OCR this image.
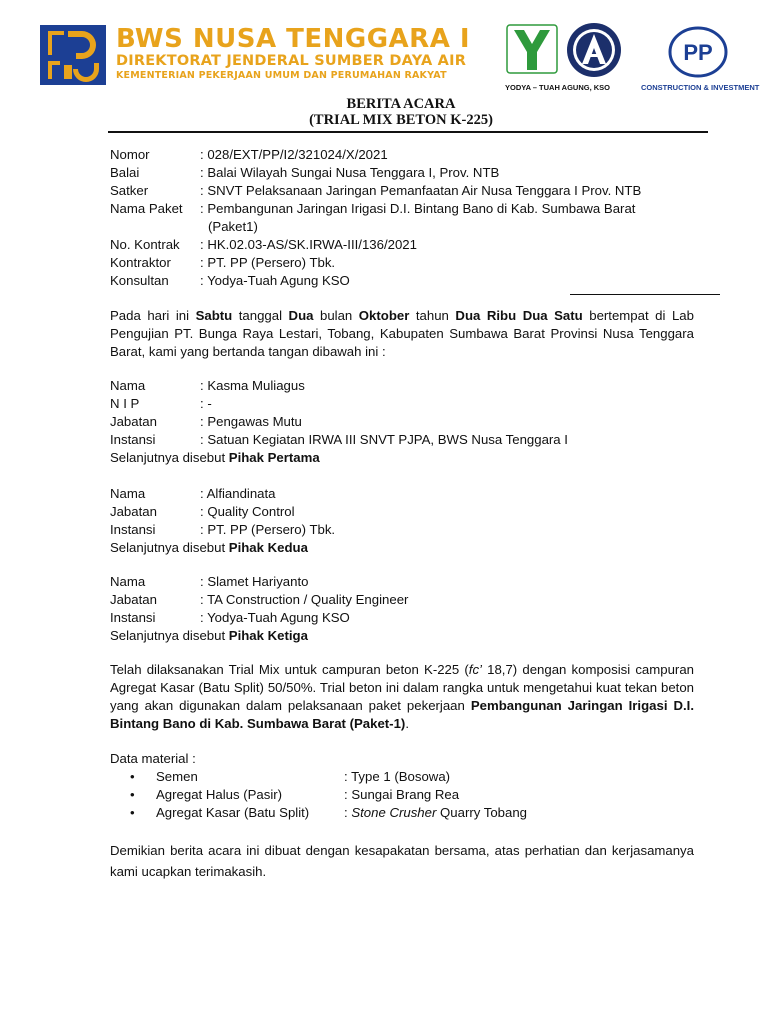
BWS NUSA TENGGARA I
DIREKTORAT JENDERAL SUMBER DAYA AIR
KEMENTERIAN PEKERJAAN UMUM DAN PERUMAHAN RAKYAT
YODYA – TUAH AGUNG, KSO
PP
CONSTRUCTION & INVESTMENT
BERITA ACARA
(TRIAL MIX BETON K-225)
Nomor	: 028/EXT/PP/I2/321024/X/2021
Balai	: Balai Wilayah Sungai Nusa Tenggara I, Prov. NTB
Satker	: SNVT Pelaksanaan Jaringan Pemanfaatan Air Nusa Tenggara I Prov. NTB
Nama Paket : Pembangunan Jaringan Irigasi D.I. Bintang Bano di Kab. Sumbawa Barat
(Paket1)
No. Kontrak : HK.02.03-AS/SK.IRWA-III/136/2021
Kontraktor : PT. PP (Persero) Tbk.
Konsultan : Yodya-Tuah Agung KSO
Pada hari ini Sabtu tanggal Dua bulan Oktober tahun Dua Ribu Dua Satu bertempat di Lab Pengujian PT. Bunga Raya Lestari, Tobang, Kabupaten Sumbawa Barat Provinsi Nusa Tenggara Barat, kami yang bertanda tangan dibawah ini :
Nama	: Kasma Muliagus
N I P	: -
Jabatan	: Pengawas Mutu
Instansi	: Satuan Kegiatan IRWA III SNVT PJPA, BWS Nusa Tenggara I
Selanjutnya disebut Pihak Pertama
Nama	: Alfiandinata
Jabatan	: Quality Control
Instansi	: PT. PP (Persero) Tbk.
Selanjutnya disebut Pihak Kedua
Nama	: Slamet Hariyanto
Jabatan	: TA Construction / Quality Engineer
Instansi	: Yodya-Tuah Agung KSO
Selanjutnya disebut Pihak Ketiga
Telah dilaksanakan Trial Mix untuk campuran beton K-225 (fc’ 18,7) dengan komposisi campuran Agregat Kasar (Batu Split) 50/50%. Trial beton ini dalam rangka untuk mengetahui kuat tekan beton yang akan digunakan dalam pelaksanaan paket pekerjaan Pembangunan Jaringan Irigasi D.I. Bintang Bano di Kab. Sumbawa Barat (Paket-1).
Data material :
• Semen	: Type 1 (Bosowa)
• Agregat Halus (Pasir)	: Sungai Brang Rea
• Agregat Kasar (Batu Split)	: Stone Crusher Quarry Tobang
Demikian berita acara ini dibuat dengan kesapakatan bersama, atas perhatian dan kerjasamanya kami ucapkan terimakasih.
